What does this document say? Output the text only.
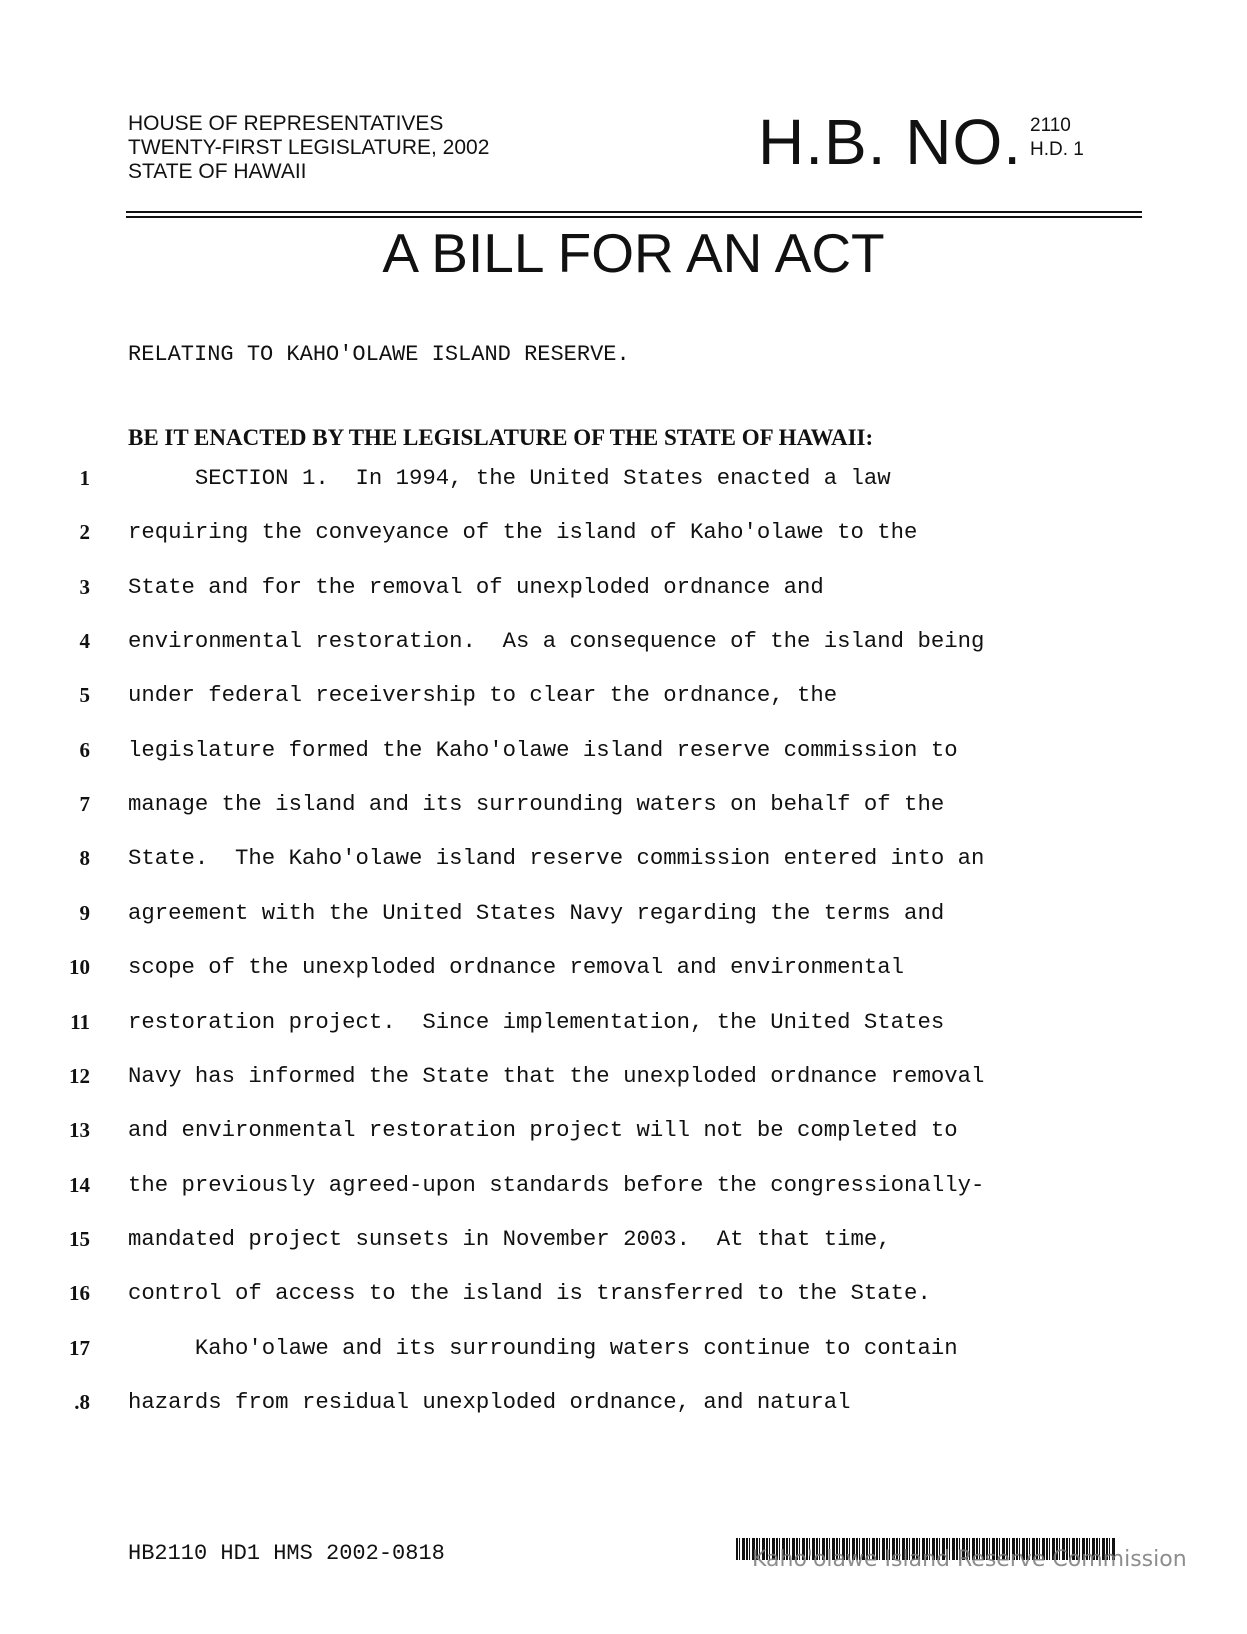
HOUSE OF REPRESENTATIVES
TWENTY-FIRST LEGISLATURE, 2002
STATE OF HAWAII	H.B. NO. 2110
H.D. 1
A BILL FOR AN ACT
RELATING TO KAHO'OLAWE ISLAND RESERVE.
BE IT ENACTED BY THE LEGISLATURE OF THE STATE OF HAWAII:
1 SECTION 1.  In 1994, the United States enacted a law
2 requiring the conveyance of the island of Kaho'olawe to the
3 State and for the removal of unexploded ordnance and
4 environmental restoration.  As a consequence of the island being
5 under federal receivership to clear the ordnance, the
6 legislature formed the Kaho'olawe island reserve commission to
7 manage the island and its surrounding waters on behalf of the
8 State.  The Kaho'olawe island reserve commission entered into an
9 agreement with the United States Navy regarding the terms and
10 scope of the unexploded ordnance removal and environmental
11 restoration project.  Since implementation, the United States
12 Navy has informed the State that the unexploded ordnance removal
13 and environmental restoration project will not be completed to
14 the previously agreed-upon standards before the congressionally-
15 mandated project sunsets in November 2003.  At that time,
16 control of access to the island is transferred to the State.
17 Kaho'olawe and its surrounding waters continue to contain
.8 hazards from residual unexploded ordnance, and natural
HB2110 HD1 HMS 2002-0818	Kaho'olawe Island Reserve Commission
